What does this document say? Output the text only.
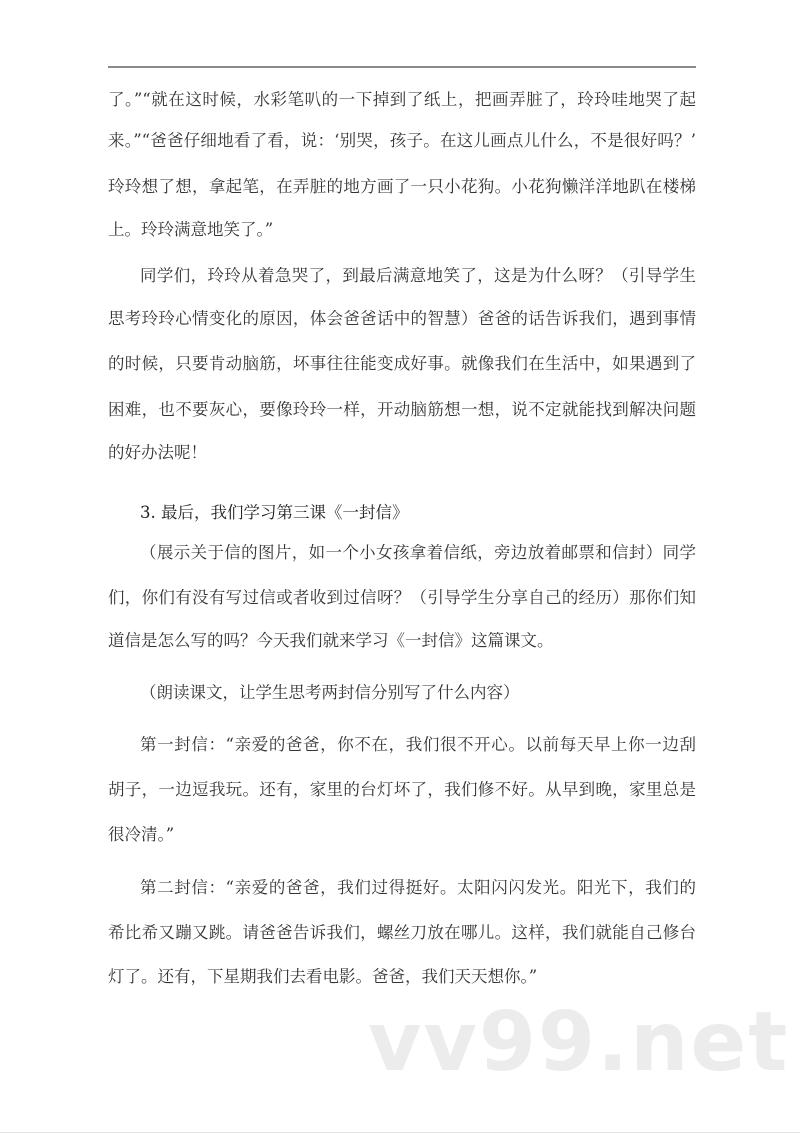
了。”“就在这时候，水彩笔叭的一下掉到了纸上，把画弄脏了，玲玲哇地哭了起
来。”“爸爸仔细地看了看，说：‘别哭，孩子。在这儿画点儿什么，不是很好吗？’
玲玲想了想，拿起笔，在弄脏的地方画了一只小花狗。小花狗懒洋洋地趴在楼梯
上。玲玲满意地笑了。”
同学们，玲玲从着急哭了，到最后满意地笑了，这是为什么呀？（引导学生
思考玲玲心情变化的原因，体会爸爸话中的智慧）爸爸的话告诉我们，遇到事情
的时候，只要肯动脑筋，坏事往往能变成好事。就像我们在生活中，如果遇到了
困难，也不要灰心，要像玲玲一样，开动脑筋想一想，说不定就能找到解决问题
的好办法呢！
3. 最后，我们学习第三课《一封信》
（展示关于信的图片，如一个小女孩拿着信纸，旁边放着邮票和信封）同学
们，你们有没有写过信或者收到过信呀？（引导学生分享自己的经历）那你们知
道信是怎么写的吗？今天我们就来学习《一封信》这篇课文。
（朗读课文，让学生思考两封信分别写了什么内容）
第一封信：“亲爱的爸爸，你不在，我们很不开心。以前每天早上你一边刮
胡子，一边逗我玩。还有，家里的台灯坏了，我们修不好。从早到晚，家里总是
很冷清。”
第二封信：“亲爱的爸爸，我们过得挺好。太阳闪闪发光。阳光下，我们的
希比希又蹦又跳。请爸爸告诉我们，螺丝刀放在哪儿。这样，我们就能自己修台
灯了。还有，下星期我们去看电影。爸爸，我们天天想你。”
vv99.net
